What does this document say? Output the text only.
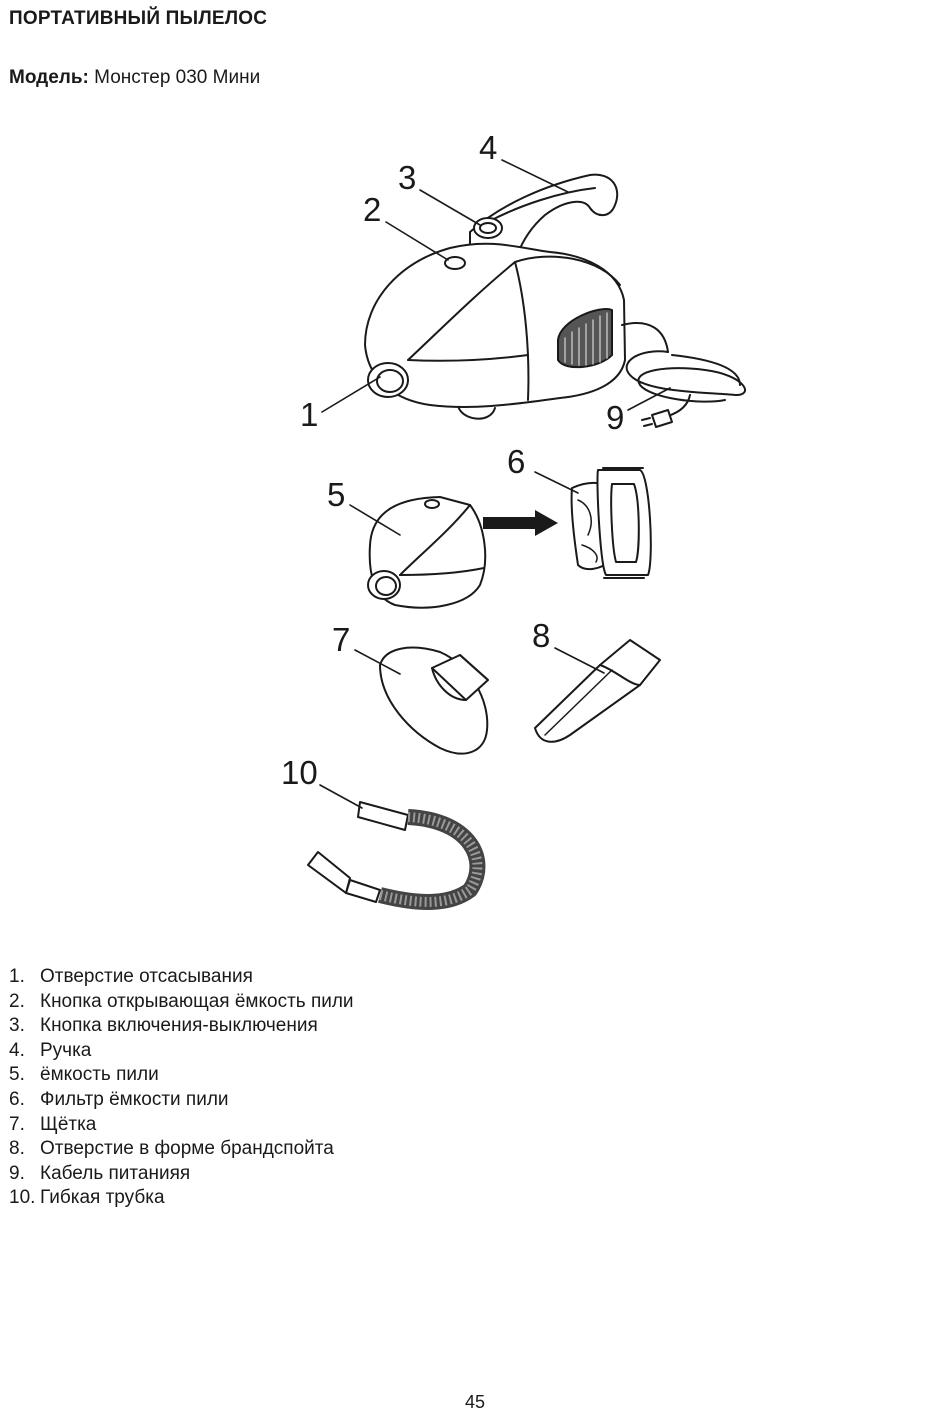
ПОРТАТИВНЫЙ ПЫЛЕЛОС

Модель: Монстер 030 Мини

1
2
3
4
5
6
7	8
9
10
1. Отверстие отсасывания
2. Кнопка открывающая ёмкость пили
3. Кнопка включения-выключения
4. Ручка
5. ёмкость пили
6. Фильтр ёмкости пили
7. Щётка
8. Отверстие в форме брандспойта
9. Кабель питанияя
10. Гибкая трубка
45
